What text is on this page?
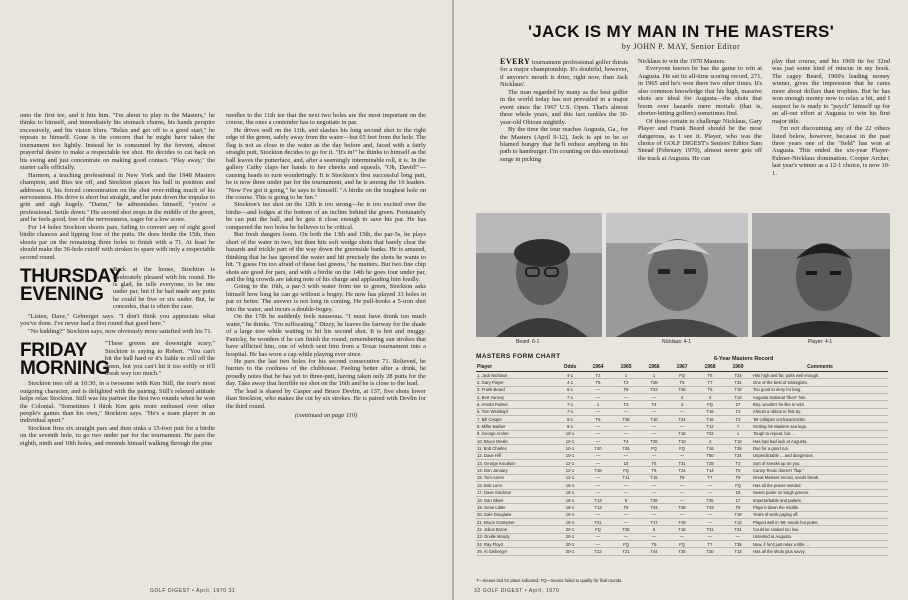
onto the first tee, and it hits him. "I'm about to play in the Masters," he thinks to himself, and immediately his stomach churns, his hands perspire excessively, and his vision blurs. "Relax and get off to a good start," he repeats to himself. Gone is the concern that he might have taken the tournament too lightly. Instead he is consumed by the fervent, almost prayerful desire to make a respectable tee shot. He decides to cut back on his swing and just concentrate on making good contact. "Play away," the starter calls officially.

Harmon, a teaching professional in New York and the 1948 Masters champion, and Bies tee off, and Stockton places his ball in position and addresses it, his forced concentration on the shot over-riding much of his nervousness. His drive is short but straight, and he puts down the impulse to grin and sigh hugely. "Damn," he admonishes himself, "you're a professional. Settle down." His second shot stops in the middle of the green, and he feels good, free of the nervousness, eager for a low score.

For 14 holes Stockton shoots pars, failing to convert any of eight good birdie chances and lipping four of the putts. He does birdie the 15th, then shoots par on the remaining three holes to finish with a 71. At least he should make the 36-hole cutoff with strokes to spare with only a respectable second round.

THURSDAY EVENING
Back at the house, Stockton is moderately pleased with his round. He is glad, he tells everyone, to be one under par, but if he had made any putts he could be five or six under. But, he concedes, that is often the case.

"Listen, Dave," Gebrerger says. "I don't think you appreciate what you've done. I've never had a first round that good here."

"No kidding?" Stockton says, now obviously more satisfied with his 71.

FRIDAY MORNING
"These greens are downright scary," Stockton is saying to Robert. "You can't hit the ball hard or it's liable to roll off the green, but you can't hit it too softly or it'll break way too much."

Stockton tees off at 10:30, in a twosome with Ken Still, the tour's most outgoing character, and is delighted with the pairing. Still's relaxed attitude helps relax Stockton. Still was his partner the first two rounds when he won the Colonial. "Sometimes I think Ken gets more enthused over other people's games than his own," Stockton says. "He's a team player in an individual sport."

Stockton fires six straight pars and then sinks a 15-foot putt for a birdie on the seventh hole, to go two under par for the tournament. He pars the eighth, ninth and 10th holes, and reminds himself walking through the pine

needles to the 11th tee that the next two holes are the most important on the course, the ones a contender has to negotiate in par.

He drives well on the 11th, and slashes his long second shot to the right edge of the green, safely away from the water—but 65 feet from the hole. The flag is not as close to the water as the day before and, faced with a fairly straight putt, Stockton decides to go for it. "It's in!" he thinks to himself as the ball leaves the putterface, and, after a seemingly interminable roll, it is. In the gallery Cathy claps her hands to her cheeks and squeals, "Oh, David!"—causing heads to turn wonderingly. It is Stockton's first successful long putt, he is now three under par for the tournament, and he is among the 10 leaders. "Now I've got it going," he says to himself. "A birdie on the toughest hole on the course. This is going to be fun."

Stockton's tee shot on the 12th is too strong—he is too excited over the birdie—and lodges at the bottom of an incline behind the green. Fortunately he can putt the ball, and he gets it close enough to save his par. He has conquered the two holes he believes to be critical.

But fresh dangers loom. On both the 13th and 15th, the par-5s, he plays short of the water in two, but then hits soft wedge shots that barely clear the hazards and trickle part of the way down the greenside banks. He is amazed, thinking that he has ignored the water and hit precisely the shots he wants to hit. "I guess I'm too afraid of these fast greens," he mutters. But two fine chip shots are good for pars, and with a birdie on the 14th he goes four under par, and the big crowds are taking note of his charge and applauding him loudly.

Going to the 16th, a par-3 with water from tee to green, Stockton asks himself how long he can go without a bogey. He now has played 33 holes in par or better. The answer is not long in coming. He pull-hooks a 5-iron shot into the water, and incurs a double-bogey.

On the 17th he suddenly feels nauseous. "I must have drunk too much water," he thinks. "I'm suffocating." Dizzy, he leaves the fairway for the shade of a large tree while waiting to hit his second shot. It is hot and muggy. Panicky, he wonders if he can finish the round, remembering sun strokes that have afflicted him, one of which sent him from a Texas tournament into a hospital. He has worn a cap while playing ever since.

He pars the last two holes for his second consecutive 71. Relieved, he hurries to the coolness of the clubhouse. Feeling better after a drink, he proudly notes that he has yet to three-putt, having taken only 28 putts for the day. Take away that horrible tee shot on the 16th and he is close to the lead.

The lead is shared by Casper and Bruce Devlin, at 137, five shots lower than Stockton, who makes the cut by six strokes. He is paired with Devlin for the third round.

(continued on page 110)
GOLF DIGEST • April, 1970 31
'JACK IS MY MAN IN THE MASTERS'
by JOHN P. MAY, Senior Editor

EVERY tournament professional golfer thirsts for a major championship. It's doubtful, however, if anyone's mouth is drier, right now, than Jack Nicklaus'.

The man regarded by many as the best golfer in the world today has not prevailed in a major event since the 1967 U.S. Open. That's almost three whole years, and this fact rankles the 30-year-old Ohioan mightily.

By the time the tour reaches Augusta, Ga., for the Masters (April 9-12), Jack is apt to be so blamed hungry that he'll reduce anything in his path to hamburger. I'm counting on this emotional surge in picking

Nicklaus to win the 1970 Masters.

Everyone knows he has the game to win at Augusta. He set its all-time scoring record, 271, in 1965 and he's won there two other times. It's also common knowledge that his high, massive shots are ideal for Augusta—the shots that boom over hazards mere mortals (that is, shorter-hitting golfers) sometimes find.

Of those certain to challenge Nicklaus, Gary Player and Frank Beard should be the most dangerous, as I see it. Player, who was the choice of GOLF DIGEST's Seniors' Editor Sam Snead (February 1970), almost never gets off the track at Augusta. He can

play that course, and his 1969 tie for 32nd was just some kind of miscue in my book. The cagey Beard, 1969's leading money winner, gives the impression that he cares more about dollars than trophies. But he has won enough money now to relax a bit, and I suspect he is ready to "psych" himself up for an all-out effort at Augusta to win his first major title.

I'm not discounting any of the 22 others listed below, however, because in the past three years one of the "field" has won at Augusta. This ended the six-year Player-Palmer-Nicklaus domination. Cooper Archer, last year's winner as a 12-1 choice, is now 10-1.

Beard: 6-1	Nicklaus: 4-1	Player: 4-1
MASTERS FORM CHART	6-Year Masters Record
Player	Odds	1964	1965	1966	1967	1968	1969	Comments
1. Jack Nicklaus	4-1	T2	1	1	FQ	T5	T24	Hits high and far, putts well enough.
2. Gary Player	4-1	T5	T2	T28	T6	T7	T32	One of the best of strategists.
3. Frank Beard	6-1	—	T8	T23	T26	T5	T19	Too good to deny for long.
4. Bert Yancey	7-1	—	—	—	3	3	T13	Augusta National "likes" him.
5. Arnold Palmer	7-1	1	T2	T4	4	FQ	27	Boy, wouldn't he like to win!
6. Tom Weiskopf	7-1	—	—	—	—	T16	T2	Almost a ribbon in first try.
7. Bill Casper	8-1	T5	T35	T10	T24	T16	T2	'69 collapse uncharacteristic.
8. Miller Barber	8-1	—	—	—	—	T12	7	Getting his Masters sea legs.
9. George Archer	10-1	—	—	—	T16	T22	1	Tough to repeat, but ...
10. Bruce Devlin	10-1	—	T4	T28	T10	4	T19	Has had bad luck at Augusta.
11. Bob Charles	10-1	T40	T45	FQ	FQ	T16	T29	Due for a good run.
12. Dave Hill	10-1	—	—	—	—	T50	T24	Unpredictable ... and dangerous.
13. George Knudson	12-1	—	10	T6	T31	T28	T2	Sort of sneaks up on you.
14. Don January	12-1	T18	FQ	T6	T24	T14	T5	Canny Texan doesn't "flap."
15. Tom Aaron	12-1	—	T11	T15	T8	T7	T9	Great Masters record, needs break.
16. Bob Lunn	15-1	—	—	—	—	—	FQ	Has all the power needed.
17. Dave Stockton	15-1	—	—	—	—	—	18	Sweet putter on tough greens.
18. Dan Sikes	15-1	T13	5	T36	—	T35	17	Imperturbable and patient.
19. Gene Littler	18-1	T13	T6	T44	T26	T43	T8	Plays it down the middle.
20. Dale Douglass	18-1	—	—	—	—	—	T19	Years of work paying off.
21. Bruce Crampton	18-1	T21	—	T17	T49	—	T13	Played well in '69; needs hot putter.
22. Julius Boros	20-1	FQ	T28	5	T16	T31	T31	Could be ranked too low.
23. Orville Moody	20-1	—	—	—	—	—	—	Untested at Augusta.
24. Ray Floyd	20-1	—	FQ	T8	FQ	T7	T35	Now, if he'd just relax a little ...
25. Al Geiberger	20-1	T13	T21	T44	T36	T30	T13	Has all the shots plus savvy.
T—means tied for place indicated; FQ—means failed to qualify for final rounds.
32 GOLF DIGEST • April, 1970
